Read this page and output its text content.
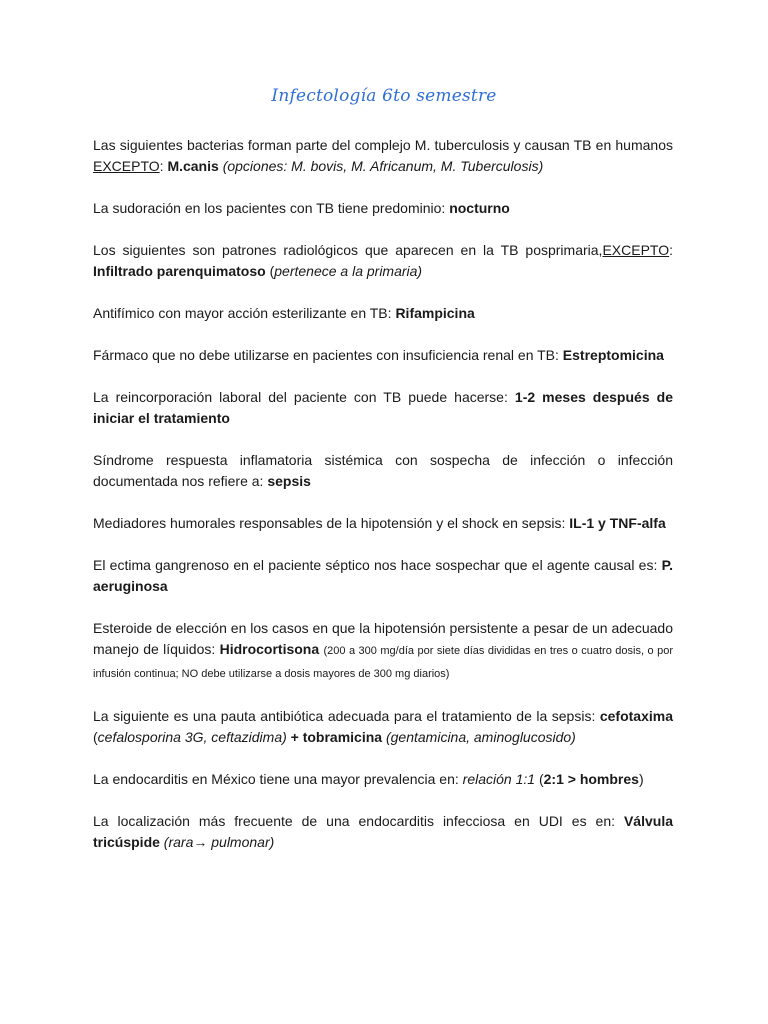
Infectología 6to semestre

Las siguientes bacterias forman parte del complejo M. tuberculosis y causan TB en humanos EXCEPTO: M.canis (opciones: M. bovis, M. Africanum, M. Tuberculosis)

La sudoración en los pacientes con TB tiene predominio: nocturno

Los siguientes son patrones radiológicos que aparecen en la TB posprimaria,EXCEPTO: Infiltrado parenquimatoso (pertenece a la primaria)

Antifímico con mayor acción esterilizante en TB: Rifampicina

Fármaco que no debe utilizarse en pacientes con insuficiencia renal en TB: Estreptomicina

La reincorporación laboral del paciente con TB puede hacerse: 1-2 meses después de iniciar el tratamiento

Síndrome respuesta inflamatoria sistémica con sospecha de infección o infección documentada nos refiere a: sepsis

Mediadores humorales responsables de la hipotensión y el shock en sepsis: IL-1 y TNF-alfa

El ectima gangrenoso en el paciente séptico nos hace sospechar que el agente causal es: P. aeruginosa

Esteroide de elección en los casos en que la hipotensión persistente a pesar de un adecuado manejo de líquidos: Hidrocortisona (200 a 300 mg/día por siete días divididas en tres o cuatro dosis, o por infusión continua; NO debe utilizarse a dosis mayores de 300 mg diarios)

La siguiente es una pauta antibiótica adecuada para el tratamiento de la sepsis: cefotaxima (cefalosporina 3G, ceftazidima) + tobramicina (gentamicina, aminoglucosido)

La endocarditis en México tiene una mayor prevalencia en: relación 1:1 (2:1 > hombres)

La localización más frecuente de una endocarditis infecciosa en UDI es en: Válvula tricúspide (rara→ pulmonar)
